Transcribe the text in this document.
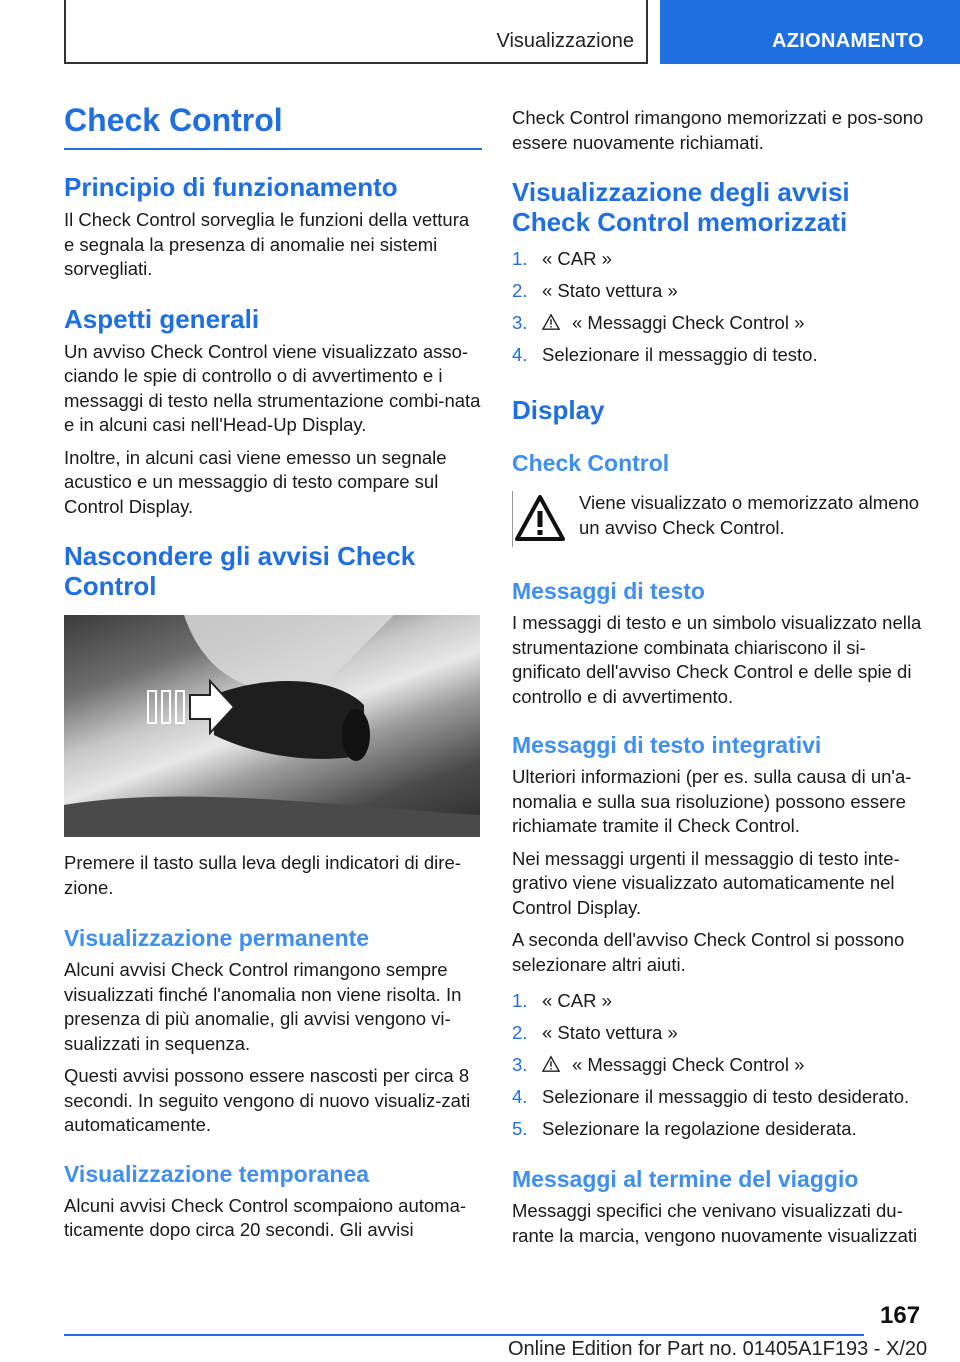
Visualizzazione	AZIONAMENTO
Check Control
Principio di funzionamento

Il Check Control sorveglia le funzioni della vettura e segnala la presenza di anomalie nei sistemi sorvegliati.

Aspetti generali

Un avviso Check Control viene visualizzato asso‐ciando le spie di controllo o di avvertimento e i messaggi di testo nella strumentazione combi‐nata e in alcuni casi nell'Head-Up Display.

Inoltre, in alcuni casi viene emesso un segnale acustico e un messaggio di testo compare sul Control Display.

Nascondere gli avvisi Check Control

Premere il tasto sulla leva degli indicatori di dire‐zione.

Visualizzazione permanente

Alcuni avvisi Check Control rimangono sempre visualizzati finché l'anomalia non viene risolta. In presenza di più anomalie, gli avvisi vengono vi‐sualizzati in sequenza.

Questi avvisi possono essere nascosti per circa 8 secondi. In seguito vengono di nuovo visualiz‐zati automaticamente.

Visualizzazione temporanea

Alcuni avvisi Check Control scompaiono automa‐ticamente dopo circa 20 secondi. Gli avvisi

Check Control rimangono memorizzati e pos‐sono essere nuovamente richiamati.

Visualizzazione degli avvisi Check Control memorizzati
1. « CAR »
2. « Stato vettura »
3.	« Messaggi Check Control »
4. Selezionare il messaggio di testo.
Display
Check Control

Viene visualizzato o memorizzato almeno un avviso Check Control.

Messaggi di testo

I messaggi di testo e un simbolo visualizzato nella strumentazione combinata chiariscono il si‐gnificato dell'avviso Check Control e delle spie di controllo e di avvertimento.

Messaggi di testo integrativi

Ulteriori informazioni (per es. sulla causa di un'a‐nomalia e sulla sua risoluzione) possono essere richiamate tramite il Check Control.

Nei messaggi urgenti il messaggio di testo inte‐grativo viene visualizzato automaticamente nel Control Display.

A seconda dell'avviso Check Control si possono selezionare altri aiuti.

1. « CAR »
2. « Stato vettura »
3.	« Messaggi Check Control »
4. Selezionare il messaggio di testo desiderato.
5. Selezionare la regolazione desiderata.
Messaggi al termine del viaggio

Messaggi specifici che venivano visualizzati du‐rante la marcia, vengono nuovamente visualizzati

167
Online Edition for Part no. 01405A1F193 - X/20
